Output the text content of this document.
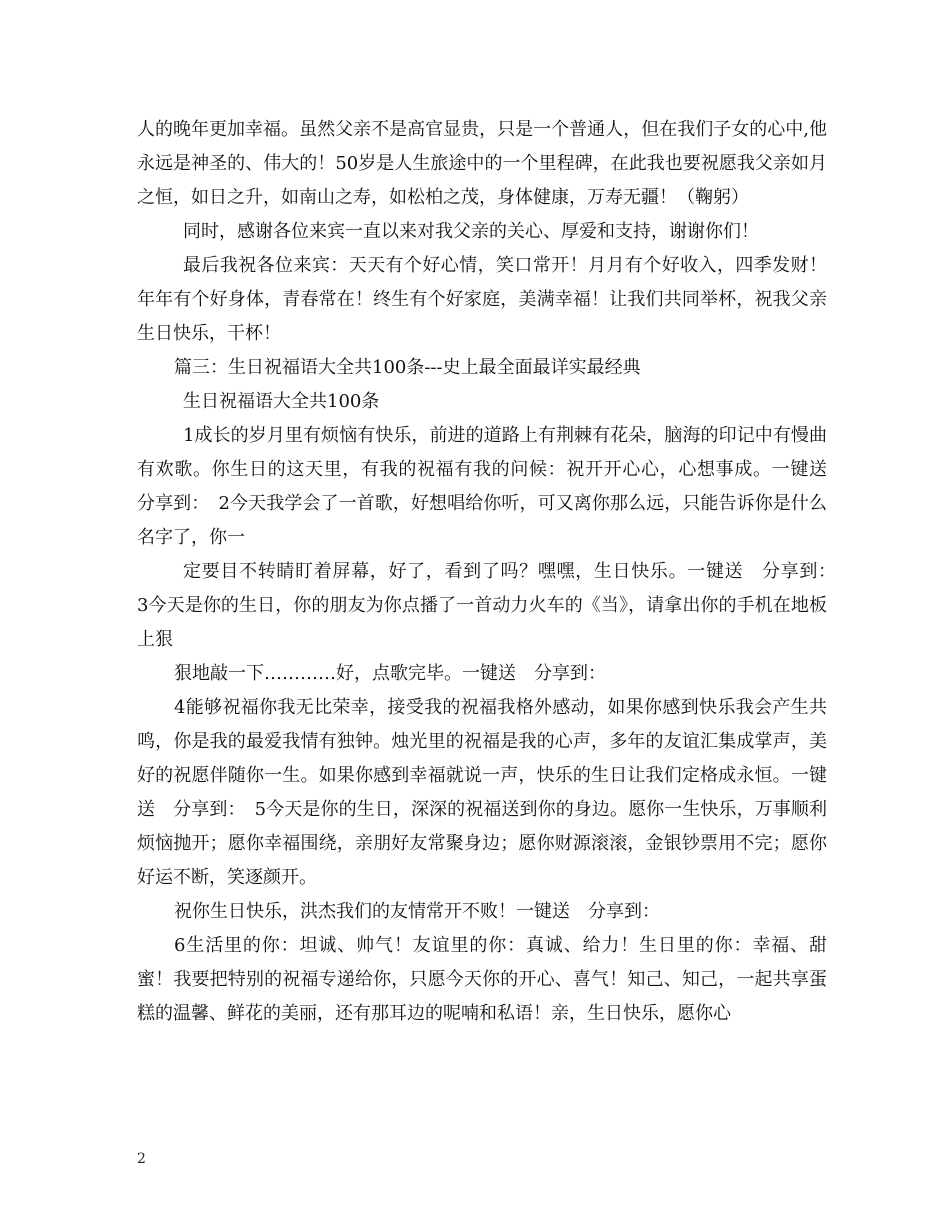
人的晚年更加幸福。虽然父亲不是高官显贵，只是一个普通人，但在我们子女的心中,他永远是神圣的、伟大的！50岁是人生旅途中的一个里程碑，在此我也要祝愿我父亲如月之恒，如日之升，如南山之寿，如松柏之茂，身体健康，万寿无疆！（鞠躬）

同时，感谢各位来宾一直以来对我父亲的关心、厚爱和支持，谢谢你们！

最后我祝各位来宾：天天有个好心情，笑口常开！月月有个好收入，四季发财！年年有个好身体，青春常在！终生有个好家庭，美满幸福！让我们共同举杯，祝我父亲生日快乐，干杯！

篇三：生日祝福语大全共100条---史上最全面最详实最经典

生日祝福语大全共100条

1成长的岁月里有烦恼有快乐，前进的道路上有荆棘有花朵，脑海的印记中有慢曲有欢歌。你生日的这天里，有我的祝福有我的问候：祝开开心心，心想事成。一键送　分享到：　2今天我学会了一首歌，好想唱给你听，可又离你那么远，只能告诉你是什么名字了，你一

定要目不转睛盯着屏幕，好了，看到了吗？嘿嘿，生日快乐。一键送　分享到：　3今天是你的生日，你的朋友为你点播了一首动力火车的《当》，请拿出你的手机在地板上狠

狠地敲一下…………好，点歌完毕。一键送　分享到：

4能够祝福你我无比荣幸，接受我的祝福我格外感动，如果你感到快乐我会产生共鸣，你是我的最爱我情有独钟。烛光里的祝福是我的心声，多年的友谊汇集成掌声，美好的祝愿伴随你一生。如果你感到幸福就说一声，快乐的生日让我们定格成永恒。一键送　分享到：　5今天是你的生日，深深的祝福送到你的身边。愿你一生快乐，万事顺利烦恼抛开；愿你幸福围绕，亲朋好友常聚身边；愿你财源滚滚，金银钞票用不完；愿你好运不断，笑逐颜开。

祝你生日快乐，洪杰我们的友情常开不败！一键送　分享到：

6生活里的你：坦诚、帅气！友谊里的你：真诚、给力！生日里的你：幸福、甜蜜！我要把特别的祝福专递给你，只愿今天你的开心、喜气！知己、知己，一起共享蛋糕的温馨、鲜花的美丽，还有那耳边的呢喃和私语！亲，生日快乐，愿你心

2
